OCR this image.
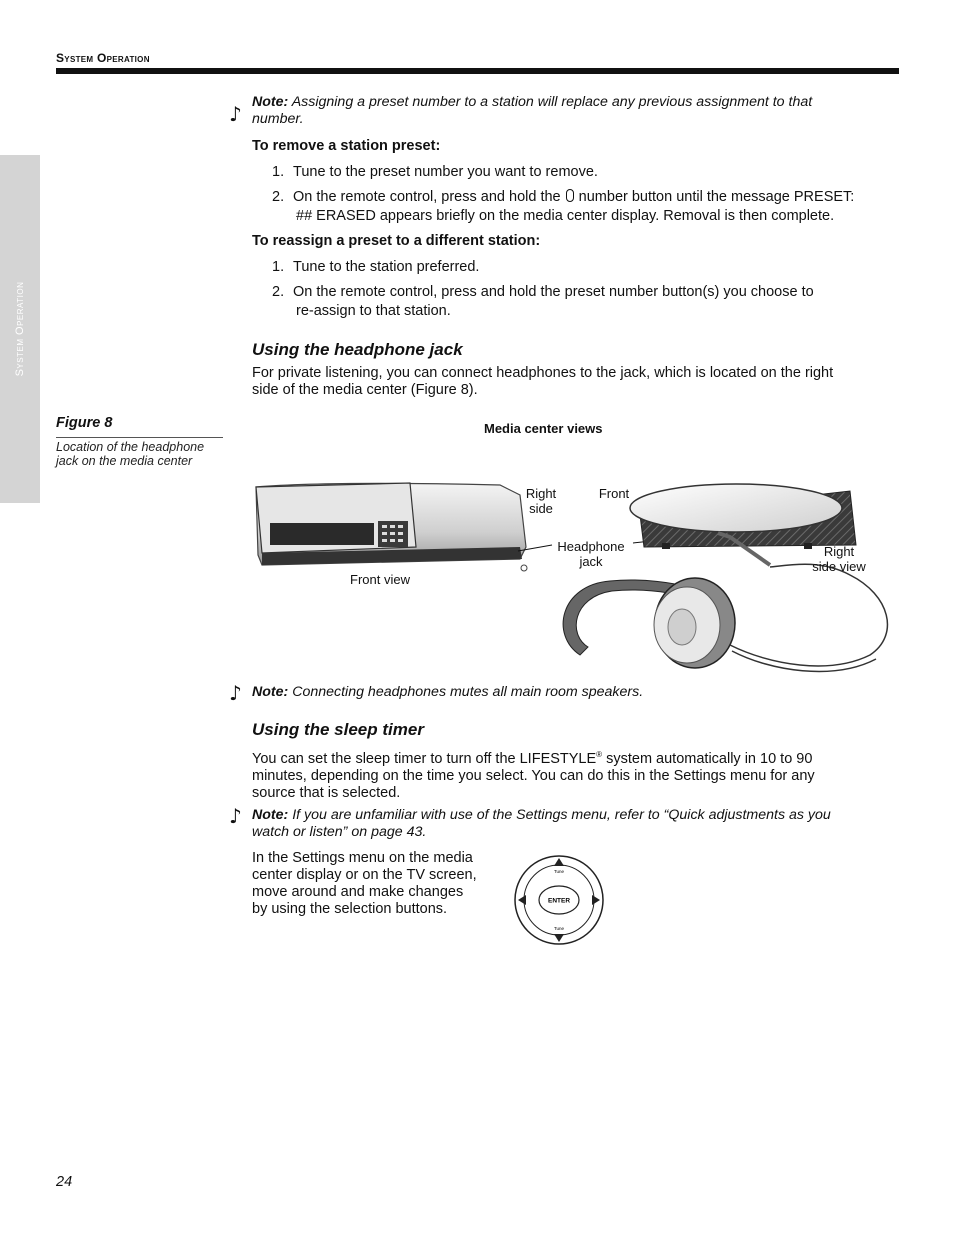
System Operation
System Operation
♪ Note: Assigning a preset number to a station will replace any previous assignment to that
number.
To remove a station preset:
1. Tune to the preset number you want to remove.
2. On the remote control, press and hold the number button until the message PRESET:
## ERASED appears briefly on the media center display. Removal is then complete.
To reassign a preset to a different station:
1. Tune to the station preferred.
2. On the remote control, press and hold the preset number button(s) you choose to
re-assign to that station.
Using the headphone jack
For private listening, you can connect headphones to the jack, which is located on the right
side of the media center (Figure 8).
Figure 8
Location of the headphone
jack on the media center
Media center views
Right
side
Front
Headphone
jack
Front view
Right
side view
♪ Note: Connecting headphones mutes all main room speakers.
Using the sleep timer
You can set the sleep timer to turn off the LIFESTYLE® system automatically in 10 to 90
minutes, depending on the time you select. You can do this in the Settings menu for any
source that is selected.
♪ Note: If you are unfamiliar with use of the Settings menu, refer to “Quick adjustments as you
watch or listen” on page 43.
In the Settings menu on the media
center display or on the TV screen,
move around and make changes
by using the selection buttons.	ENTER
Tune
Tune
24
